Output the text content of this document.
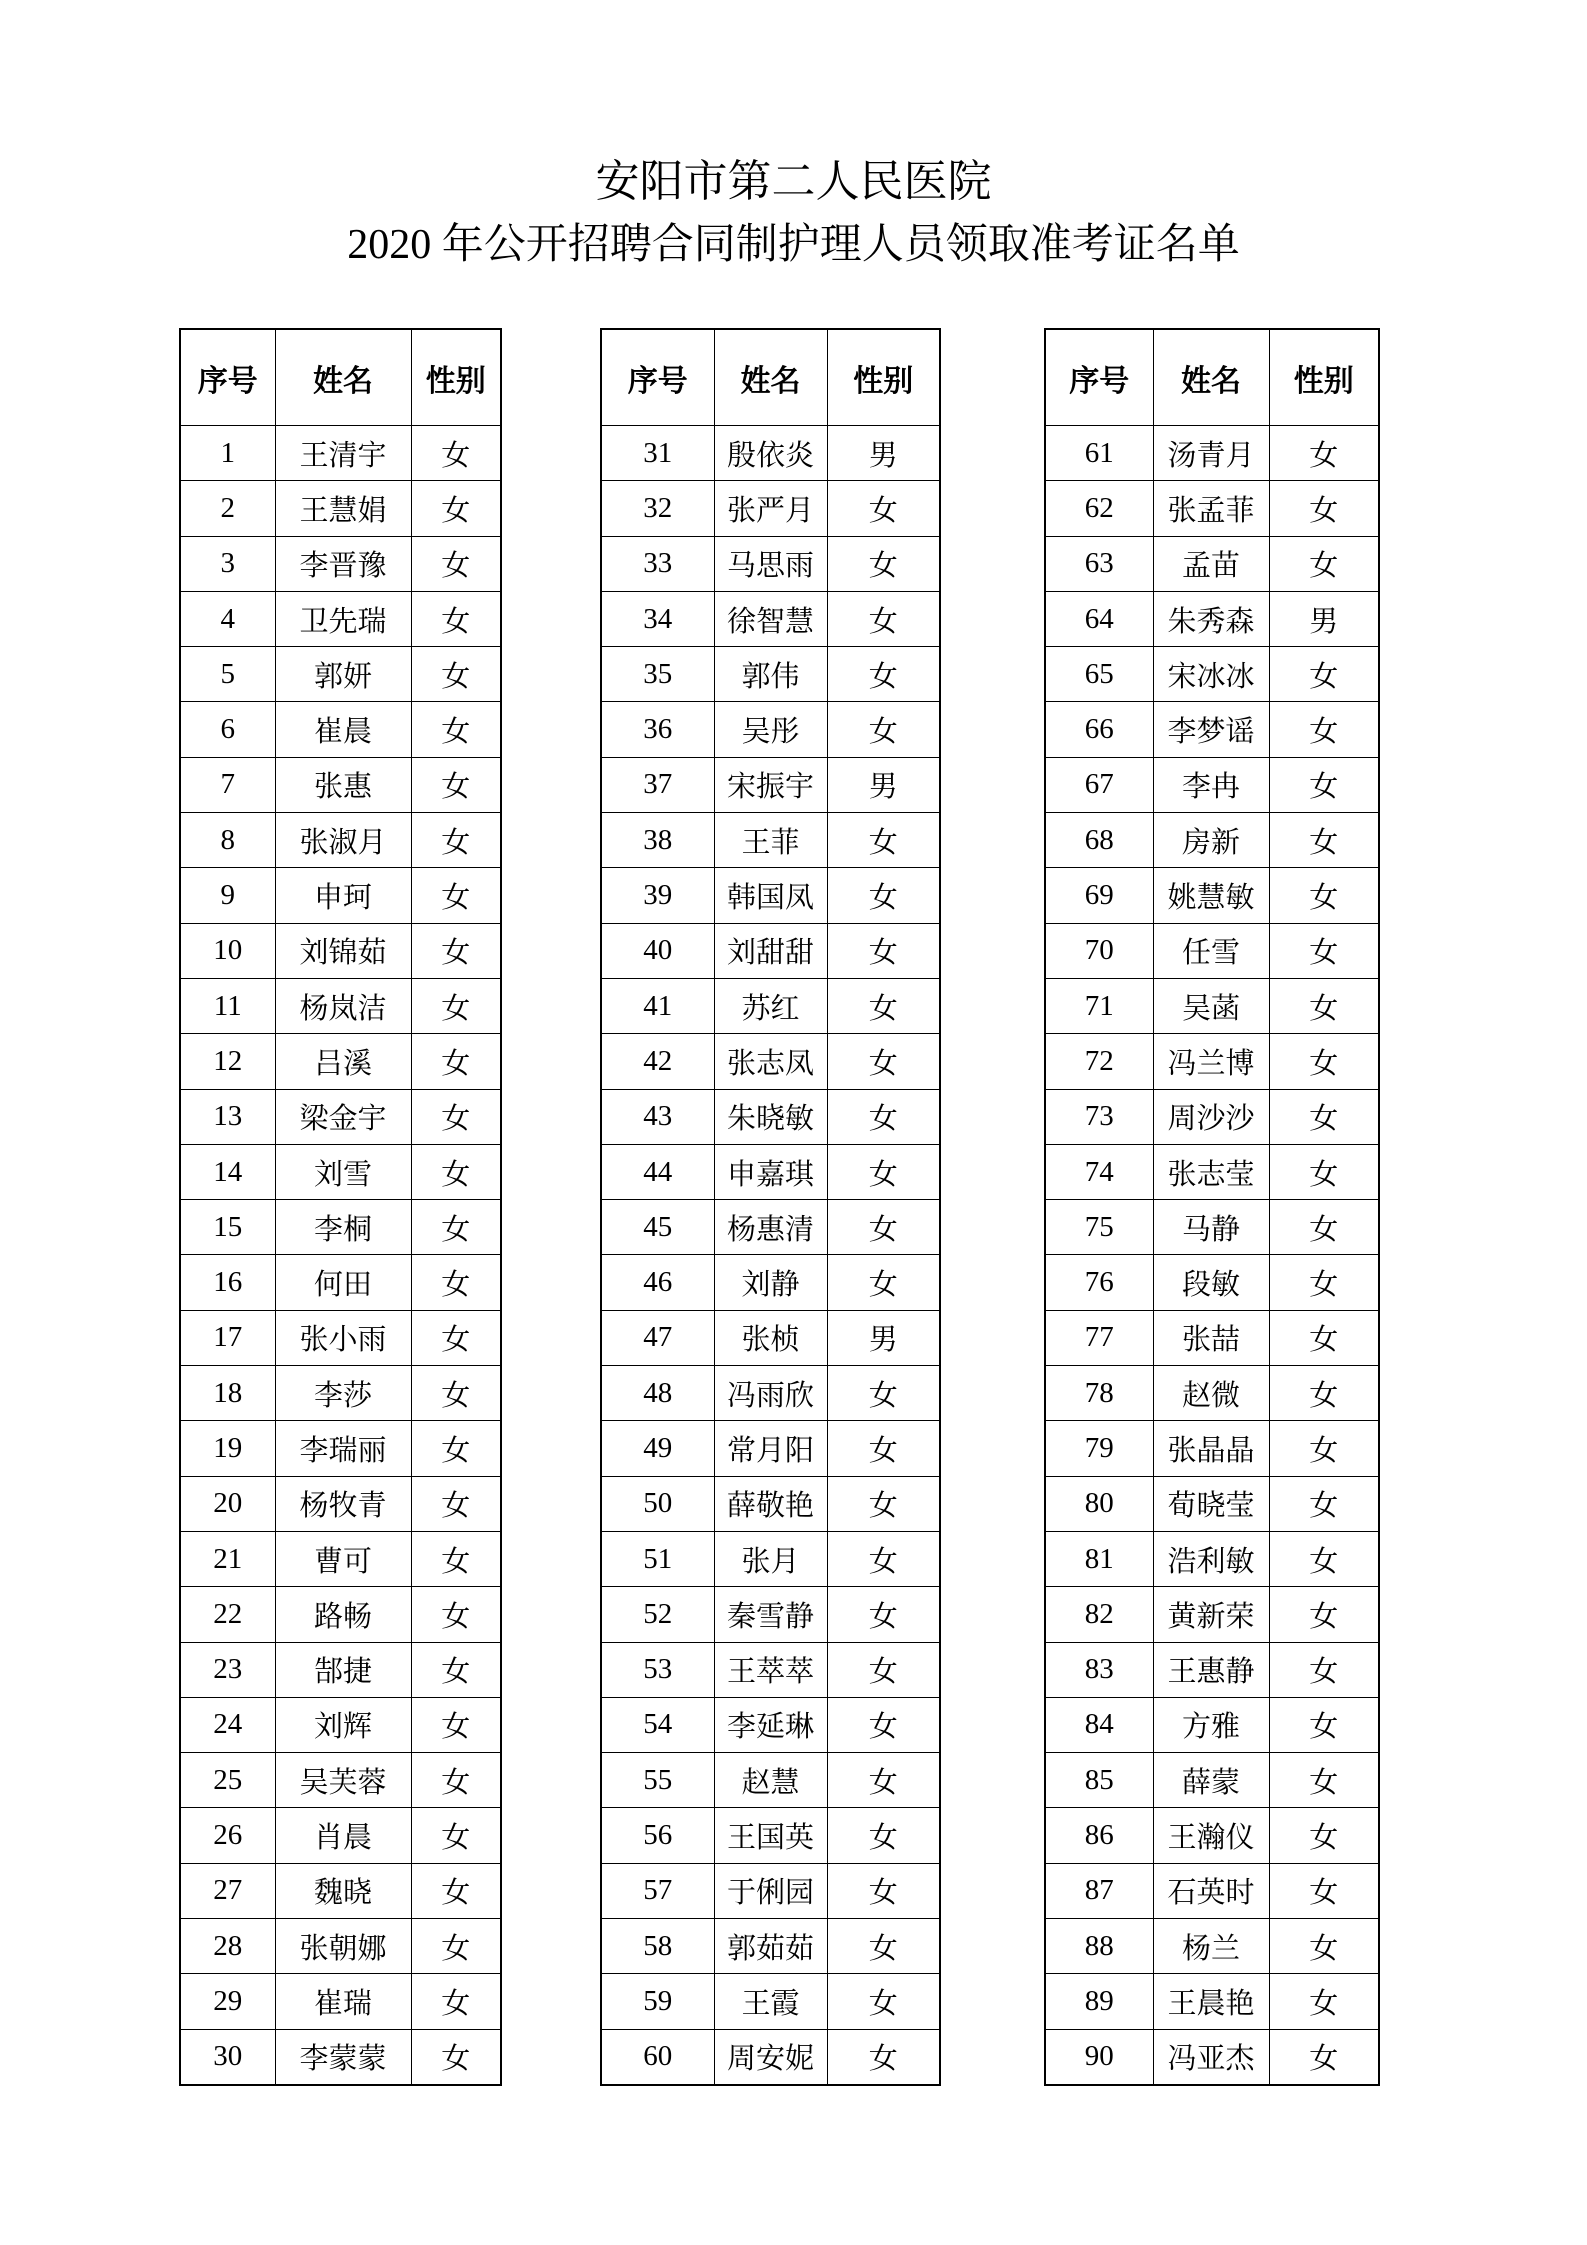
安阳市第二人民医院
2020 年公开招聘合同制护理人员领取准考证名单
序号	姓名	性别
1	王清宇	女
2	王慧娟	女
3	李晋豫	女
4	卫先瑞	女
5	郭妍	女
6	崔晨	女
7	张惠	女
8	张淑月	女
9	申珂	女
10	刘锦茹	女
11	杨岚洁	女
12	吕溪	女
13	梁金宇	女
14	刘雪	女
15	李桐	女
16	何田	女
17	张小雨	女
18	李莎	女
19	李瑞丽	女
20	杨牧青	女
21	曹可	女
22	路畅	女
23	郜捷	女
24	刘辉	女
25	吴芙蓉	女
26	肖晨	女
27	魏晓	女
28	张朝娜	女
29	崔瑞	女
30	李蒙蒙	女
序号	姓名	性别
31	殷依炎	男
32	张严月	女
33	马思雨	女
34	徐智慧	女
35	郭伟	女
36	吴彤	女
37	宋振宇	男
38	王菲	女
39	韩国凤	女
40	刘甜甜	女
41	苏红	女
42	张志凤	女
43	朱晓敏	女
44	申嘉琪	女
45	杨惠清	女
46	刘静	女
47	张桢	男
48	冯雨欣	女
49	常月阳	女
50	薛敬艳	女
51	张月	女
52	秦雪静	女
53	王萃萃	女
54	李延琳	女
55	赵慧	女
56	王国英	女
57	于俐园	女
58	郭茹茹	女
59	王霞	女
60	周安妮	女
序号	姓名	性别
61	汤青月	女
62	张孟菲	女
63	孟苗	女
64	朱秀森	男
65	宋冰冰	女
66	李梦谣	女
67	李冉	女
68	房新	女
69	姚慧敏	女
70	任雪	女
71	吴菡	女
72	冯兰博	女
73	周沙沙	女
74	张志莹	女
75	马静	女
76	段敏	女
77	张喆	女
78	赵微	女
79	张晶晶	女
80	荀晓莹	女
81	浩利敏	女
82	黄新荣	女
83	王惠静	女
84	方雅	女
85	薛蒙	女
86	王瀚仪	女
87	石英时	女
88	杨兰	女
89	王晨艳	女
90	冯亚杰	女
